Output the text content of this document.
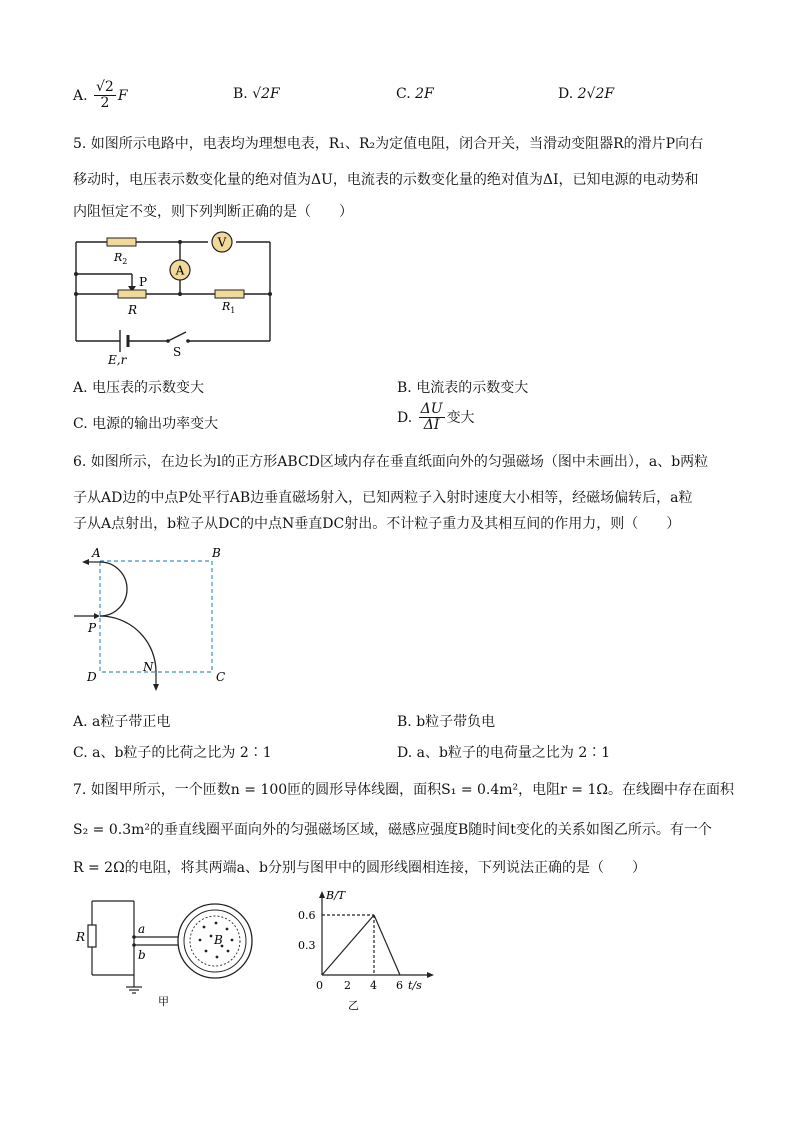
A. $\frac{√2}{2}$ F	B. √2F	C. 2F	D. 2√2F
5. 如图所示电路中，电表均为理想电表，R₁、R₂为定值电阻，闭合开关，当滑动变阻器R的滑片P向右
移动时，电压表示数变化量的绝对值为ΔU，电流表的示数变化量的绝对值为ΔI，已知电源的电动势和
内阻恒定不变，则下列判断正确的是（　　）
A
V
$R_2$
P
R	$R_1$
E,r
S
A. 电压表的示数变大	B. 电流表的示数变大
C. 电源的输出功率变大	D. $\frac{\Delta U}{\Delta I}$ 变大
6. 如图所示，在边长为l的正方形ABCD区域内存在垂直纸面向外的匀强磁场（图中未画出），a、b两粒
子从AD边的中点P处平行AB边垂直磁场射入，已知两粒子入射时速度大小相等，经磁场偏转后，a粒
子从A点射出，b粒子从DC的中点N垂直DC射出。不计粒子重力及其相互间的作用力，则（　　）
A	B
C
D
P
N
A. a粒子带正电	B. b粒子带负电
C. a、b粒子的比荷之比为 2∶1	D. a、b粒子的电荷量之比为 2∶1
7. 如图甲所示，一个匝数n = 100匝的圆形导体线圈，面积S₁ = 0.4m²，电阻r = 1Ω。在线圈中存在面积
S₂ = 0.3m²的垂直线圈平面向外的匀强磁场区域，磁感应强度B随时间t变化的关系如图乙所示。有一个
R = 2Ω的电阻，将其两端a、b分别与图甲中的圆形线圈相连接，下列说法正确的是（　　）
R
a
b
B
甲
B/T
0.6
0.3
0 2 4 6 t/s
乙
